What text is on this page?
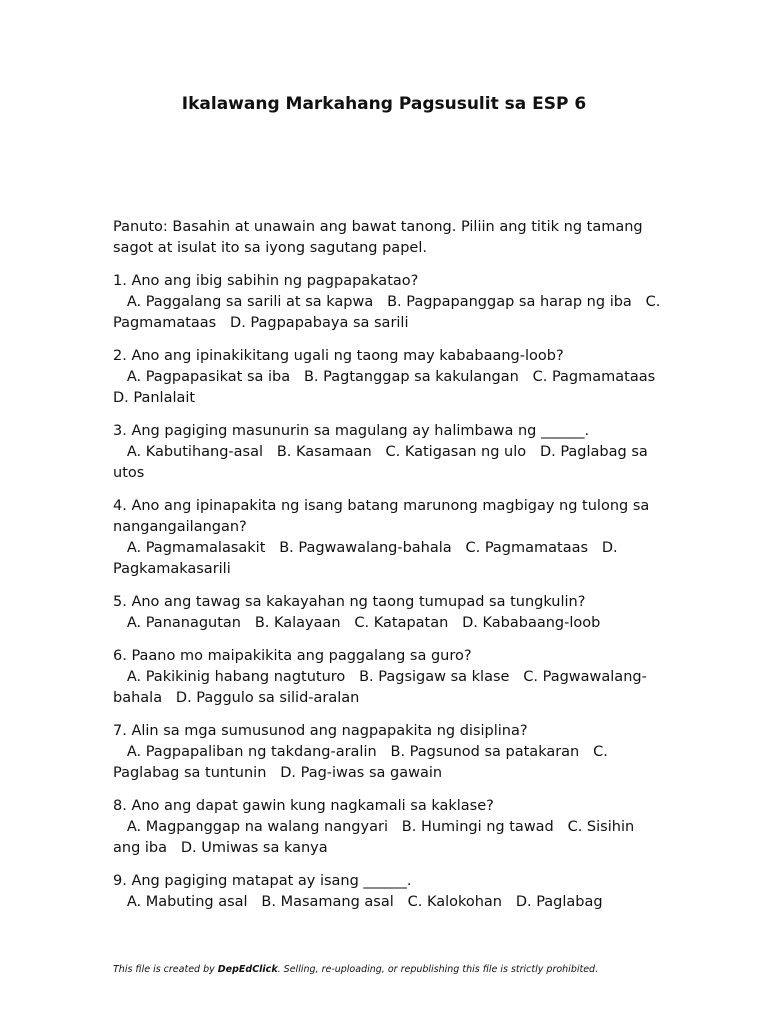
Ikalawang Markahang Pagsusulit sa ESP 6
Panuto: Basahin at unawain ang bawat tanong. Piliin ang titik ng tamang sagot at isulat ito sa iyong sagutang papel.
1. Ano ang ibig sabihin ng pagpapakatao?
A. Paggalang sa sarili at sa kapwa   B. Pagpapanggap sa harap ng iba   C. Pagmamataas   D. Pagpapabaya sa sarili
2. Ano ang ipinakikitang ugali ng taong may kababaang-loob?
A. Pagpapasikat sa iba   B. Pagtanggap sa kakulangan   C. Pagmamataas   D. Panlalait
3. Ang pagiging masunurin sa magulang ay halimbawa ng ______.
A. Kabutihang-asal   B. Kasamaan   C. Katigasan ng ulo   D. Paglabag sa utos
4. Ano ang ipinapakita ng isang batang marunong magbigay ng tulong sa nangangailangan?
A. Pagmamalasakit   B. Pagwawalang-bahala   C. Pagmamataas   D. Pagkamakasarili
5. Ano ang tawag sa kakayahan ng taong tumupad sa tungkulin?
A. Pananagutan   B. Kalayaan   C. Katapatan   D. Kababaang-loob
6. Paano mo maipakikita ang paggalang sa guro?
A. Pakikinig habang nagtuturo   B. Pagsigaw sa klase   C. Pagwawalang-bahala   D. Paggulo sa silid-aralan
7. Alin sa mga sumusunod ang nagpapakita ng disiplina?
A. Pagpapaliban ng takdang-aralin   B. Pagsunod sa patakaran   C. Paglabag sa tuntunin   D. Pag-iwas sa gawain
8. Ano ang dapat gawin kung nagkamali sa kaklase?
A. Magpanggap na walang nangyari   B. Humingi ng tawad   C. Sisihin ang iba   D. Umiwas sa kanya
9. Ang pagiging matapat ay isang ______.
A. Mabuting asal   B. Masamang asal   C. Kalokohan   D. Paglabag
This file is created by DepEdClick. Selling, re-uploading, or republishing this file is strictly prohibited.
